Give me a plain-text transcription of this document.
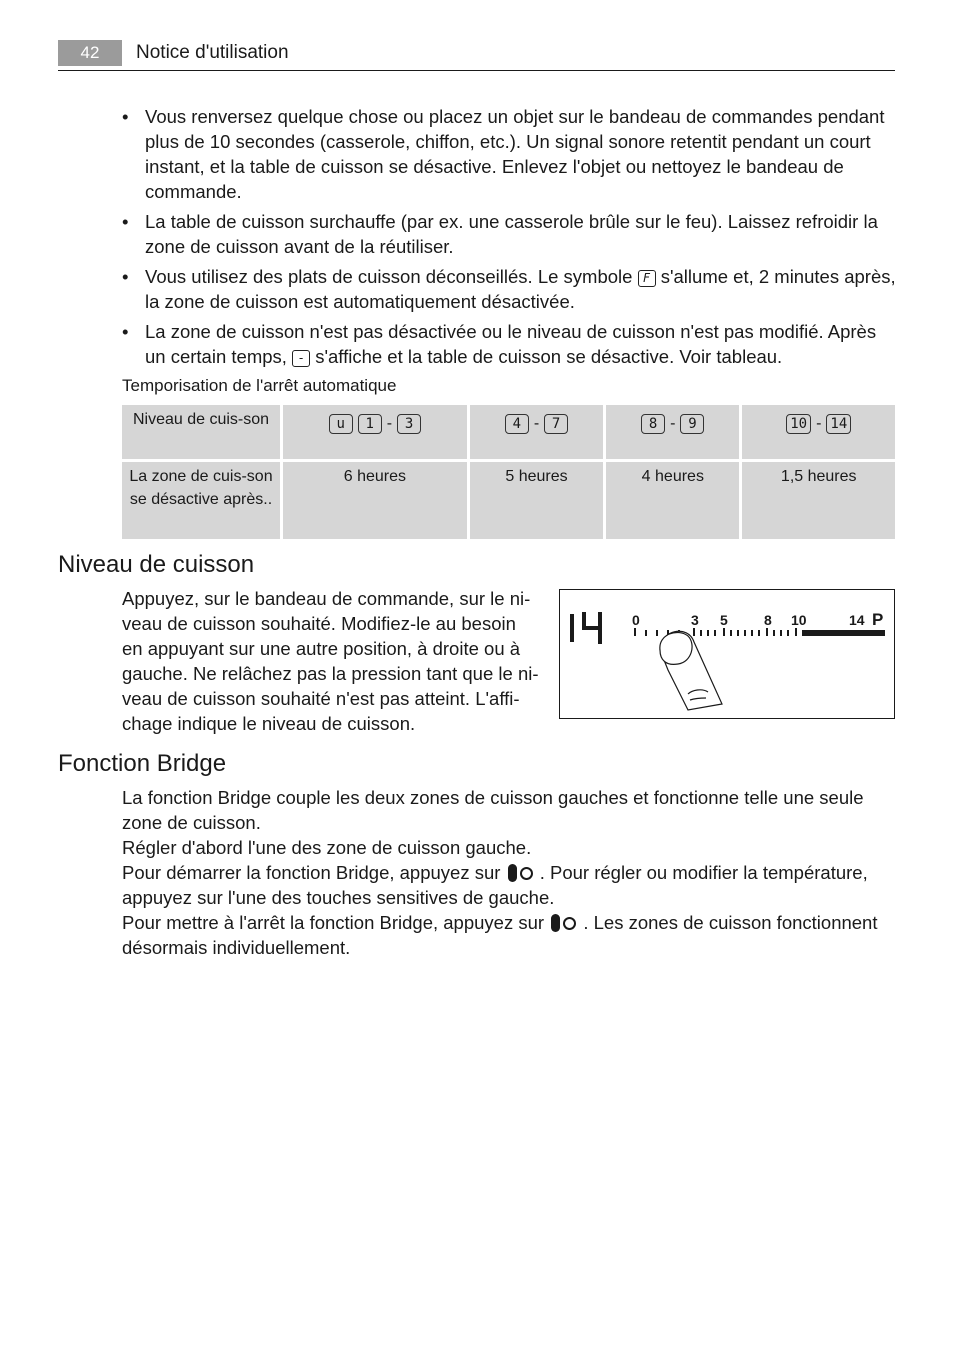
42	Notice d'utilisation
• Vous renversez quelque chose ou placez un objet sur le bandeau de commandes pendant plus de 10 secondes (casserole, chiffon, etc.). Un signal sonore retentit pendant un court instant, et la table de cuisson se désactive. Enlevez l'objet ou nettoyez le bandeau de commande.
• La table de cuisson surchauffe (par ex. une casserole brûle sur le feu). Laissez refroidir la zone de cuisson avant de la réutiliser.
• Vous utilisez des plats de cuisson déconseillés. Le symbole F s'allume et, 2 minutes après, la zone de cuisson est automatiquement désactivée.
• La zone de cuisson n'est pas désactivée ou le niveau de cuisson n'est pas modifié. Après un certain temps, - s'affiche et la table de cuisson se désactive. Voir tableau.
Temporisation de l'arrêt automatique
Niveau de cuis-son	u 1 - 3	4 - 7	8 - 9	10 - 14

La zone de cuis-son se désactive après..	6 heures	5 heures	4 heures	1,5 heures
Niveau de cuisson
Appuyez, sur le bandeau de commande, sur le ni-
veau de cuisson souhaité. Modifiez-le au besoin
en appuyant sur une autre position, à droite ou à
gauche. Ne relâchez pas la pression tant que le ni-
veau de cuisson souhaité n'est pas atteint. L'affi-
chage indique le niveau de cuisson.
0	3 5	8 10	14 P
Fonction Bridge
La fonction Bridge couple les deux zones de cuisson gauches et fonctionne telle une seule zone de cuisson.
Régler d'abord l'une des zone de cuisson gauche.
Pour démarrer la fonction Bridge, appuyez sur . Pour régler ou modifier la température, appuyez sur l'une des touches sensitives de gauche.
Pour mettre à l'arrêt la fonction Bridge, appuyez sur . Les zones de cuisson fonctionnent désormais individuellement.
